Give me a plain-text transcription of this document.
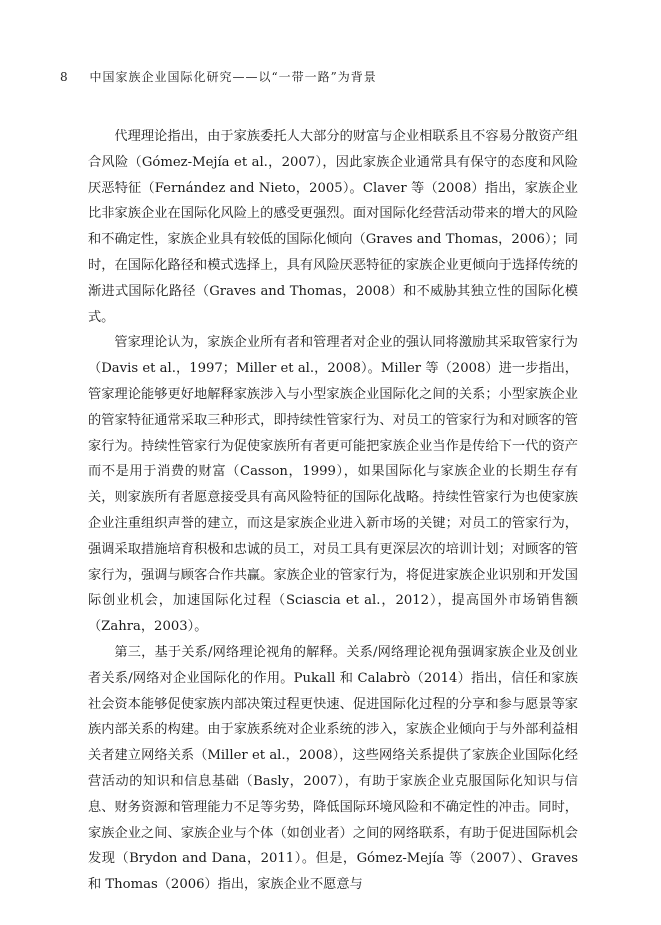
8 中国家族企业国际化研究——以“一带一路”为背景

代理理论指出，由于家族委托人大部分的财富与企业相联系且不容易分散资产组合风险（Gómez-Mejía et al.，2007），因此家族企业通常具有保守的态度和风险厌恶特征（Fernández and Nieto，2005）。Claver 等（2008）指出，家族企业比非家族企业在国际化风险上的感受更强烈。面对国际化经营活动带来的增大的风险和不确定性，家族企业具有较低的国际化倾向（Graves and Thomas，2006）；同时，在国际化路径和模式选择上，具有风险厌恶特征的家族企业更倾向于选择传统的渐进式国际化路径（Graves and Thomas，2008）和不威胁其独立性的国际化模式。

管家理论认为，家族企业所有者和管理者对企业的强认同将激励其采取管家行为（Davis et al.，1997；Miller et al.，2008）。Miller 等（2008）进一步指出，管家理论能够更好地解释家族涉入与小型家族企业国际化之间的关系；小型家族企业的管家特征通常采取三种形式，即持续性管家行为、对员工的管家行为和对顾客的管家行为。持续性管家行为促使家族所有者更可能把家族企业当作是传给下一代的资产而不是用于消费的财富（Casson，1999），如果国际化与家族企业的长期生存有关，则家族所有者愿意接受具有高风险特征的国际化战略。持续性管家行为也使家族企业注重组织声誉的建立，而这是家族企业进入新市场的关键；对员工的管家行为，强调采取措施培育积极和忠诚的员工，对员工具有更深层次的培训计划；对顾客的管家行为，强调与顾客合作共赢。家族企业的管家行为，将促进家族企业识别和开发国际创业机会，加速国际化过程（Sciascia et al.，2012），提高国外市场销售额（Zahra，2003）。

第三，基于关系/网络理论视角的解释。关系/网络理论视角强调家族企业及创业者关系/网络对企业国际化的作用。Pukall 和 Calabrò（2014）指出，信任和家族社会资本能够促使家族内部决策过程更快速、促进国际化过程的分享和参与愿景等家族内部关系的构建。由于家族系统对企业系统的涉入，家族企业倾向于与外部利益相关者建立网络关系（Miller et al.，2008），这些网络关系提供了家族企业国际化经营活动的知识和信息基础（Basly，2007），有助于家族企业克服国际化知识与信息、财务资源和管理能力不足等劣势，降低国际环境风险和不确定性的冲击。同时，家族企业之间、家族企业与个体（如创业者）之间的网络联系，有助于促进国际机会发现（Brydon and Dana，2011）。但是，Gómez-Mejía 等（2007）、Graves 和 Thomas（2006）指出，家族企业不愿意与
